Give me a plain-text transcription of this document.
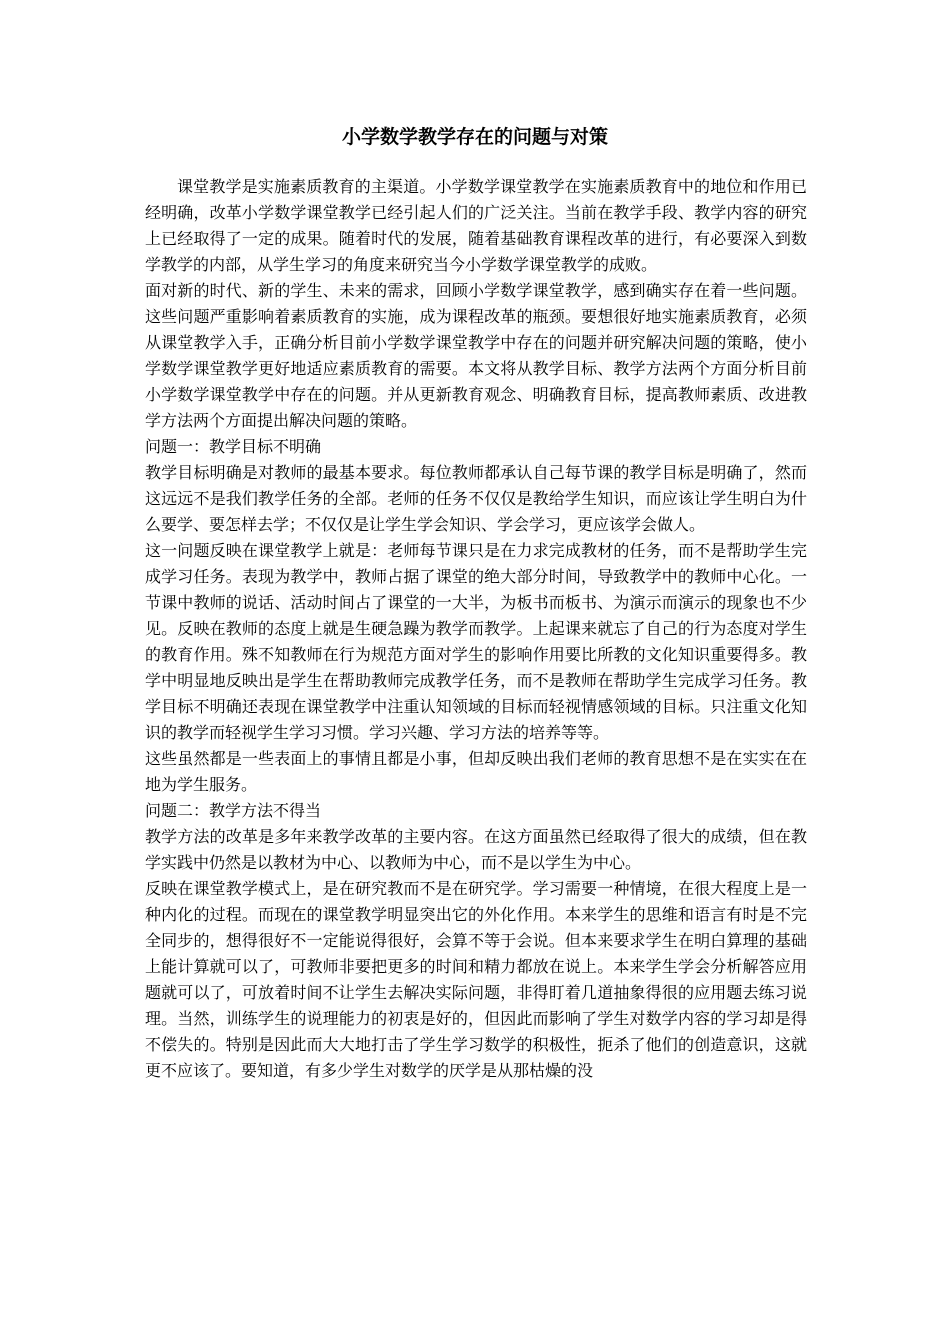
小学数学教学存在的问题与对策

课堂教学是实施素质教育的主渠道。小学数学课堂教学在实施素质教育中的地位和作用已经明确，改革小学数学课堂教学已经引起人们的广泛关注。当前在教学手段、教学内容的研究上已经取得了一定的成果。随着时代的发展，随着基础教育课程改革的进行，有必要深入到数学教学的内部，从学生学习的角度来研究当今小学数学课堂教学的成败。

面对新的时代、新的学生、未来的需求，回顾小学数学课堂教学，感到确实存在着一些问题。这些问题严重影响着素质教育的实施，成为课程改革的瓶颈。要想很好地实施素质教育，必须从课堂教学入手，正确分析目前小学数学课堂教学中存在的问题并研究解决问题的策略，使小学数学课堂教学更好地适应素质教育的需要。本文将从教学目标、教学方法两个方面分析目前小学数学课堂教学中存在的问题。并从更新教育观念、明确教育目标，提高教师素质、改进教学方法两个方面提出解决问题的策略。

问题一：教学目标不明确

教学目标明确是对教师的最基本要求。每位教师都承认自己每节课的教学目标是明确了，然而这远远不是我们教学任务的全部。老师的任务不仅仅是教给学生知识，而应该让学生明白为什么要学、要怎样去学；不仅仅是让学生学会知识、学会学习，更应该学会做人。

这一问题反映在课堂教学上就是：老师每节课只是在力求完成教材的任务，而不是帮助学生完成学习任务。表现为教学中，教师占据了课堂的绝大部分时间，导致教学中的教师中心化。一节课中教师的说话、活动时间占了课堂的一大半，为板书而板书、为演示而演示的现象也不少见。反映在教师的态度上就是生硬急躁为教学而教学。上起课来就忘了自己的行为态度对学生的教育作用。殊不知教师在行为规范方面对学生的影响作用要比所教的文化知识重要得多。教学中明显地反映出是学生在帮助教师完成教学任务，而不是教师在帮助学生完成学习任务。教学目标不明确还表现在课堂教学中注重认知领域的目标而轻视情感领域的目标。只注重文化知识的教学而轻视学生学习习惯。学习兴趣、学习方法的培养等等。

这些虽然都是一些表面上的事情且都是小事，但却反映出我们老师的教育思想不是在实实在在地为学生服务。

问题二：教学方法不得当

教学方法的改革是多年来教学改革的主要内容。在这方面虽然已经取得了很大的成绩，但在教学实践中仍然是以教材为中心、以教师为中心，而不是以学生为中心。

反映在课堂教学模式上，是在研究教而不是在研究学。学习需要一种情境，在很大程度上是一种内化的过程。而现在的课堂教学明显突出它的外化作用。本来学生的思维和语言有时是不完全同步的，想得很好不一定能说得很好，会算不等于会说。但本来要求学生在明白算理的基础上能计算就可以了，可教师非要把更多的时间和精力都放在说上。本来学生学会分析解答应用题就可以了，可放着时间不让学生去解决实际问题，非得盯着几道抽象得很的应用题去练习说理。当然，训练学生的说理能力的初衷是好的，但因此而影响了学生对数学内容的学习却是得不偿失的。特别是因此而大大地打击了学生学习数学的积极性，扼杀了他们的创造意识，这就更不应该了。要知道，有多少学生对数学的厌学是从那枯燥的没
